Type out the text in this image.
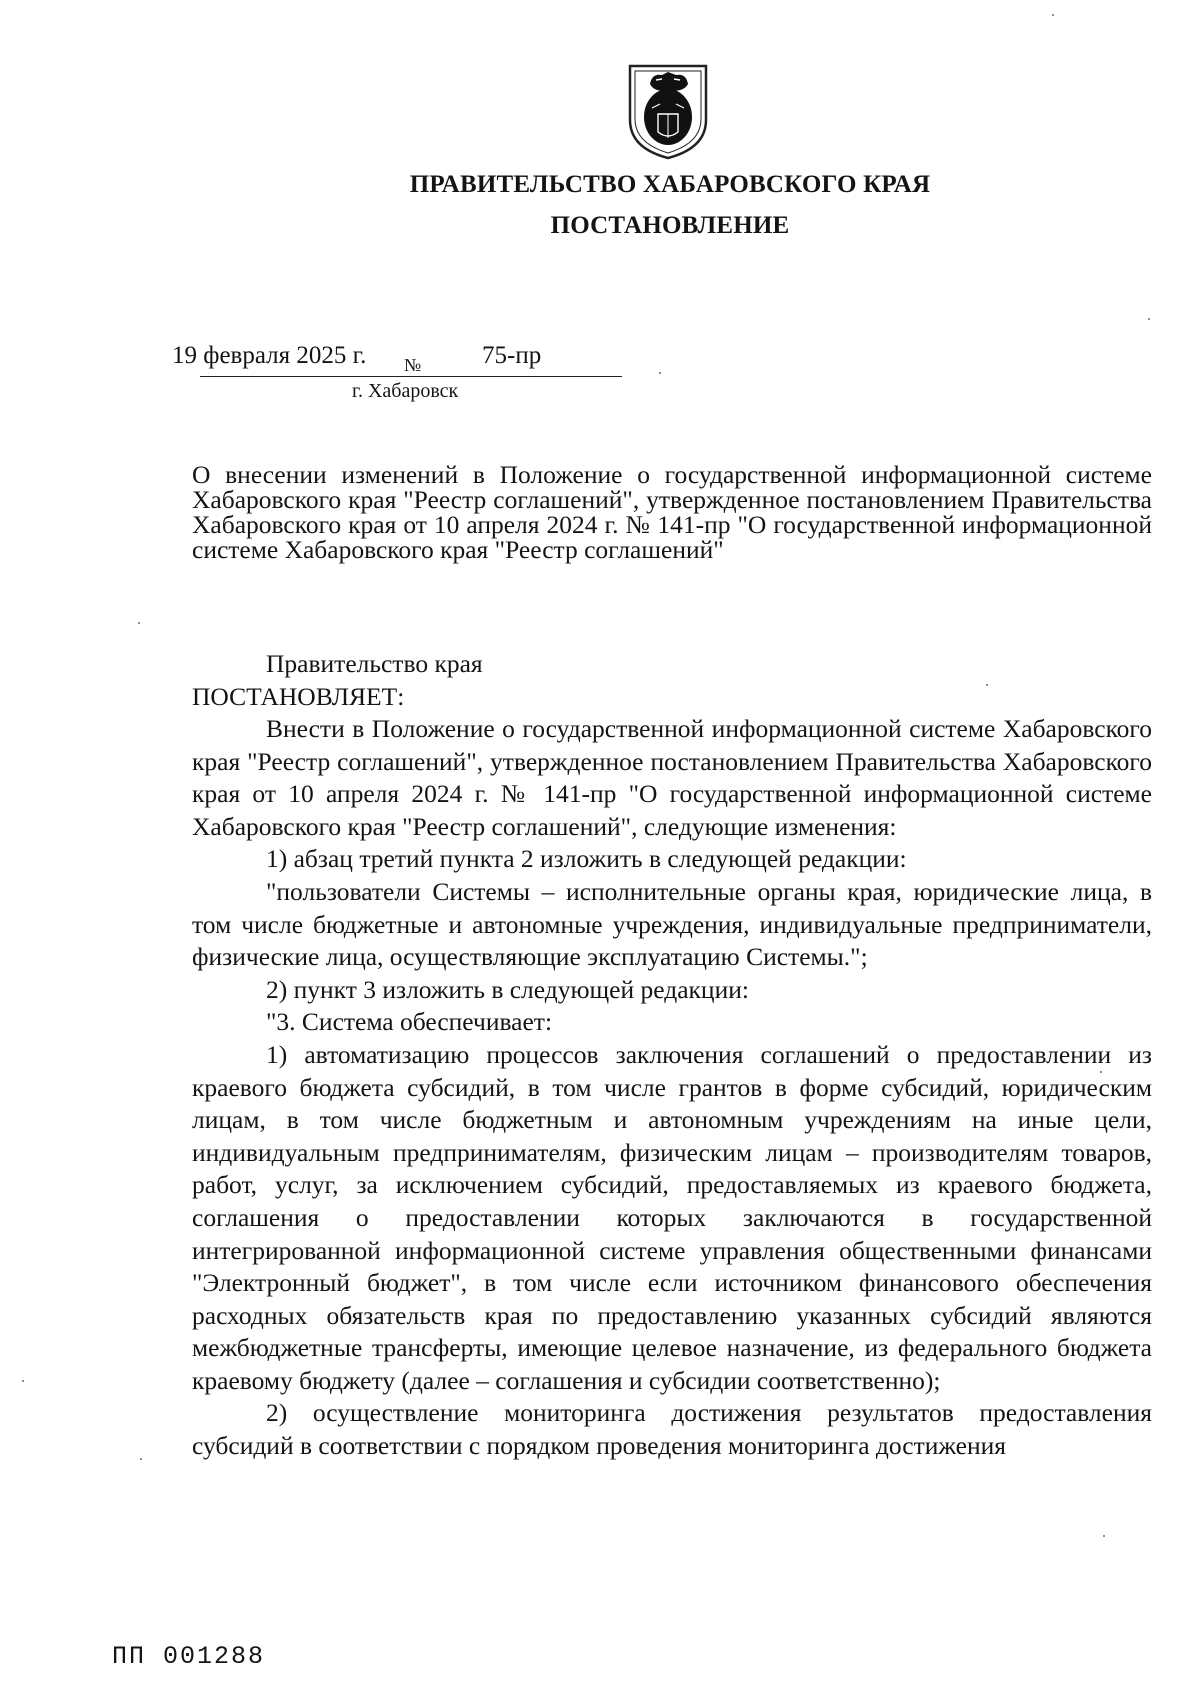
ПРАВИТЕЛЬСТВО ХАБАРОВСКОГО КРАЯ
ПОСТАНОВЛЕНИЕ
19 февраля 2025 г. № 75-пр
г. Хабаровск
О внесении изменений в Положение о государственной информационной системе Хабаровского края "Реестр соглашений", утвержденное постановлением Правительства Хабаровского края от 10 апреля 2024 г. № 141-пр "О государственной информационной системе Хабаровского края "Реестр соглашений"

Правительство края

ПОСТАНОВЛЯЕТ:

Внести в Положение о государственной информационной системе Хабаровского края "Реестр соглашений", утвержденное постановлением Правительства Хабаровского края от 10 апреля 2024 г. № 141-пр "О государственной информационной системе Хабаровского края "Реестр соглашений", следующие изменения:

1) абзац третий пункта 2 изложить в следующей редакции:

"пользователи Системы – исполнительные органы края, юридические лица, в том числе бюджетные и автономные учреждения, индивидуальные предприниматели, физические лица, осуществляющие эксплуатацию Системы.";

2) пункт 3 изложить в следующей редакции:

"3. Система обеспечивает:

1) автоматизацию процессов заключения соглашений о предоставлении из краевого бюджета субсидий, в том числе грантов в форме субсидий, юридическим лицам, в том числе бюджетным и автономным учреждениям на иные цели, индивидуальным предпринимателям, физическим лицам – производителям товаров, работ, услуг, за исключением субсидий, предоставляемых из краевого бюджета, соглашения о предоставлении которых заключаются в государственной интегрированной информационной системе управления общественными финансами "Электронный бюджет", в том числе если источником финансового обеспечения расходных обязательств края по предоставлению указанных субсидий являются межбюджетные трансферты, имеющие целевое назначение, из федерального бюджета краевому бюджету (далее – соглашения и субсидии соответственно);

2) осуществление мониторинга достижения результатов предоставления субсидий в соответствии с порядком проведения мониторинга достижения

ПП 001288
